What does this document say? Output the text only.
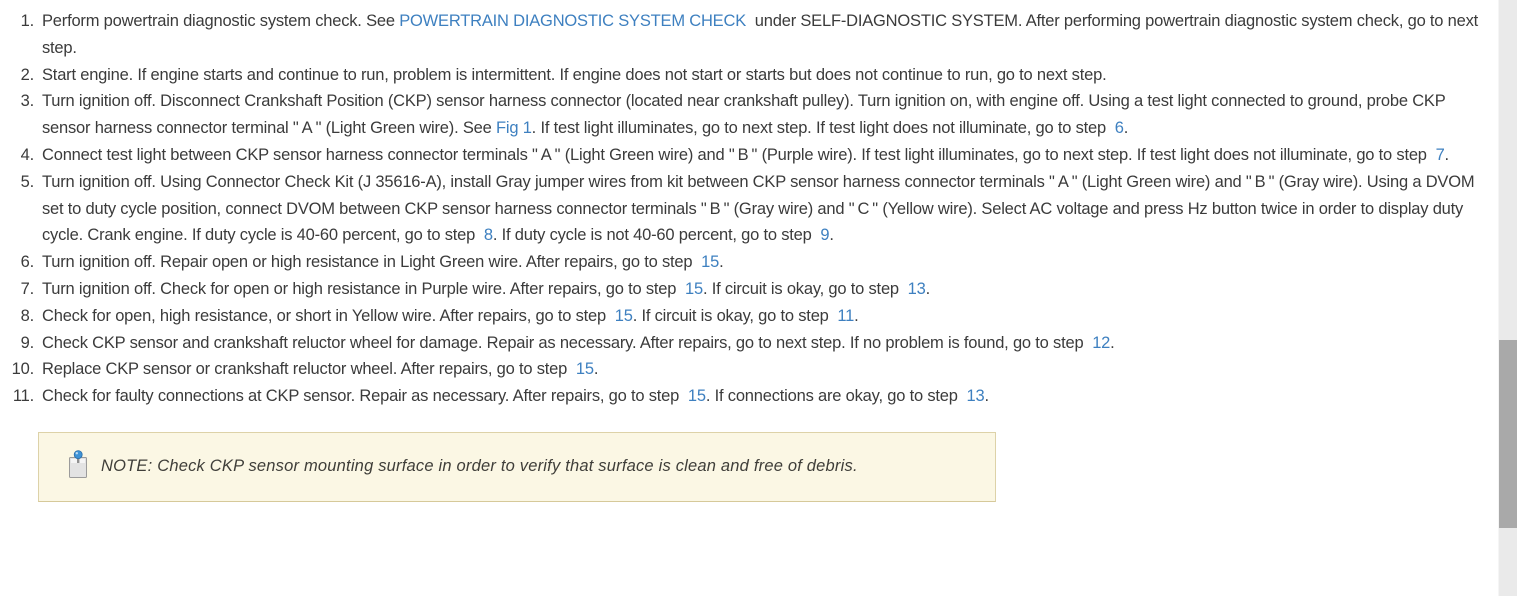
1. Perform powertrain diagnostic system check. See POWERTRAIN DIAGNOSTIC SYSTEM CHECK  under SELF-DIAGNOSTIC SYSTEM. After performing powertrain diagnostic system check, go to next step.
2. Start engine. If engine starts and continue to run, problem is intermittent. If engine does not start or starts but does not continue to run, go to next step.
3. Turn ignition off. Disconnect Crankshaft Position (CKP) sensor harness connector (located near crankshaft pulley). Turn ignition on, with engine off. Using a test light connected to ground, probe CKP sensor harness connector terminal " A " (Light Green wire). See Fig 1. If test light illuminates, go to next step. If test light does not illuminate, go to step  6.
4. Connect test light between CKP sensor harness connector terminals " A " (Light Green wire) and " B " (Purple wire). If test light illuminates, go to next step. If test light does not illuminate, go to step  7.
5. Turn ignition off. Using Connector Check Kit (J 35616-A), install Gray jumper wires from kit between CKP sensor harness connector terminals " A " (Light Green wire) and " B " (Gray wire). Using a DVOM set to duty cycle position, connect DVOM between CKP sensor harness connector terminals " B " (Gray wire) and " C " (Yellow wire). Select AC voltage and press Hz button twice in order to display duty cycle. Crank engine. If duty cycle is 40-60 percent, go to step  8. If duty cycle is not 40-60 percent, go to step  9.
6. Turn ignition off. Repair open or high resistance in Light Green wire. After repairs, go to step  15.
7. Turn ignition off. Check for open or high resistance in Purple wire. After repairs, go to step  15. If circuit is okay, go to step  13.
8. Check for open, high resistance, or short in Yellow wire. After repairs, go to step  15. If circuit is okay, go to step  11.
9. Check CKP sensor and crankshaft reluctor wheel for damage. Repair as necessary. After repairs, go to next step. If no problem is found, go to step  12.
10. Replace CKP sensor or crankshaft reluctor wheel. After repairs, go to step  15.
11. Check for faulty connections at CKP sensor. Repair as necessary. After repairs, go to step  15. If connections are okay, go to step  13.
NOTE: Check CKP sensor mounting surface in order to verify that surface is clean and free of debris.
